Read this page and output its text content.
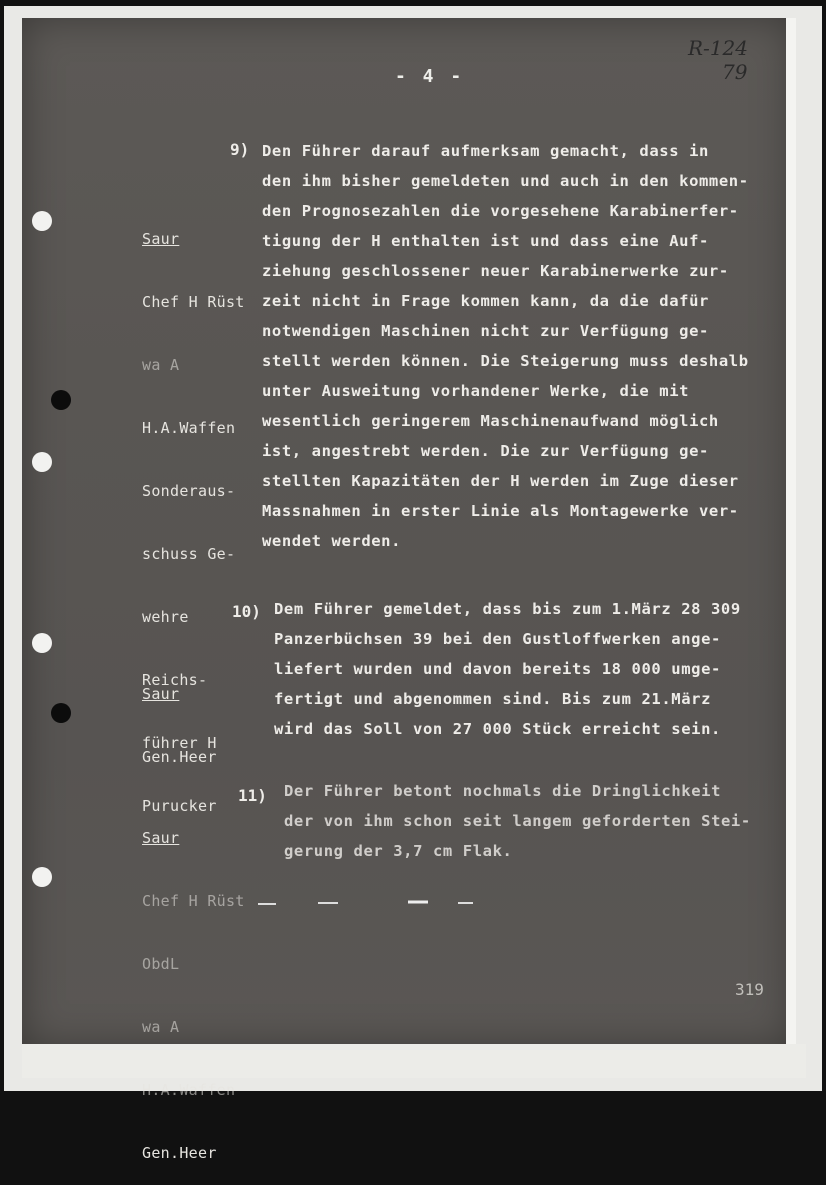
- 4 -
R-124
79
9)

Saur

Chef H Rüst

wa A

H.A.Waffen

Sonderaus-

schuss Ge-

wehre

Reichs-

führer H

Purucker

Den Führer darauf aufmerksam gemacht, dass in
den ihm bisher gemeldeten und auch in den kommen-
den Prognosezahlen die vorgesehene Karabinerfer-
tigung der H enthalten ist und dass eine Auf-
ziehung geschlossener neuer Karabinerwerke zur-
zeit nicht in Frage kommen kann, da die dafür
notwendigen Maschinen nicht zur Verfügung ge-
stellt werden können. Die Steigerung muss deshalb
unter Ausweitung vorhandener Werke, die mit
wesentlich geringerem Maschinenaufwand möglich
ist, angestrebt werden. Die zur Verfügung ge-
stellten Kapazitäten der H werden im Zuge dieser
Massnahmen in erster Linie als Montagewerke ver-
wendet werden.
10)

Saur

Gen.Heer

Dem Führer gemeldet, dass bis zum 1.März 28 309
Panzerbüchsen 39 bei den Gustloffwerken ange-
liefert wurden und davon bereits 18 000 umge-
fertigt und abgenommen sind. Bis zum 21.März
wird das Soll von 27 000 Stück erreicht sein.
11)

Saur

Chef H Rüst

ObdL

wa A

H.A.Waffen

Gen.Heer

Der Führer betont nochmals die Dringlichkeit
der von ihm schon seit langem geforderten Stei-
gerung der 3,7 cm Flak.
319
